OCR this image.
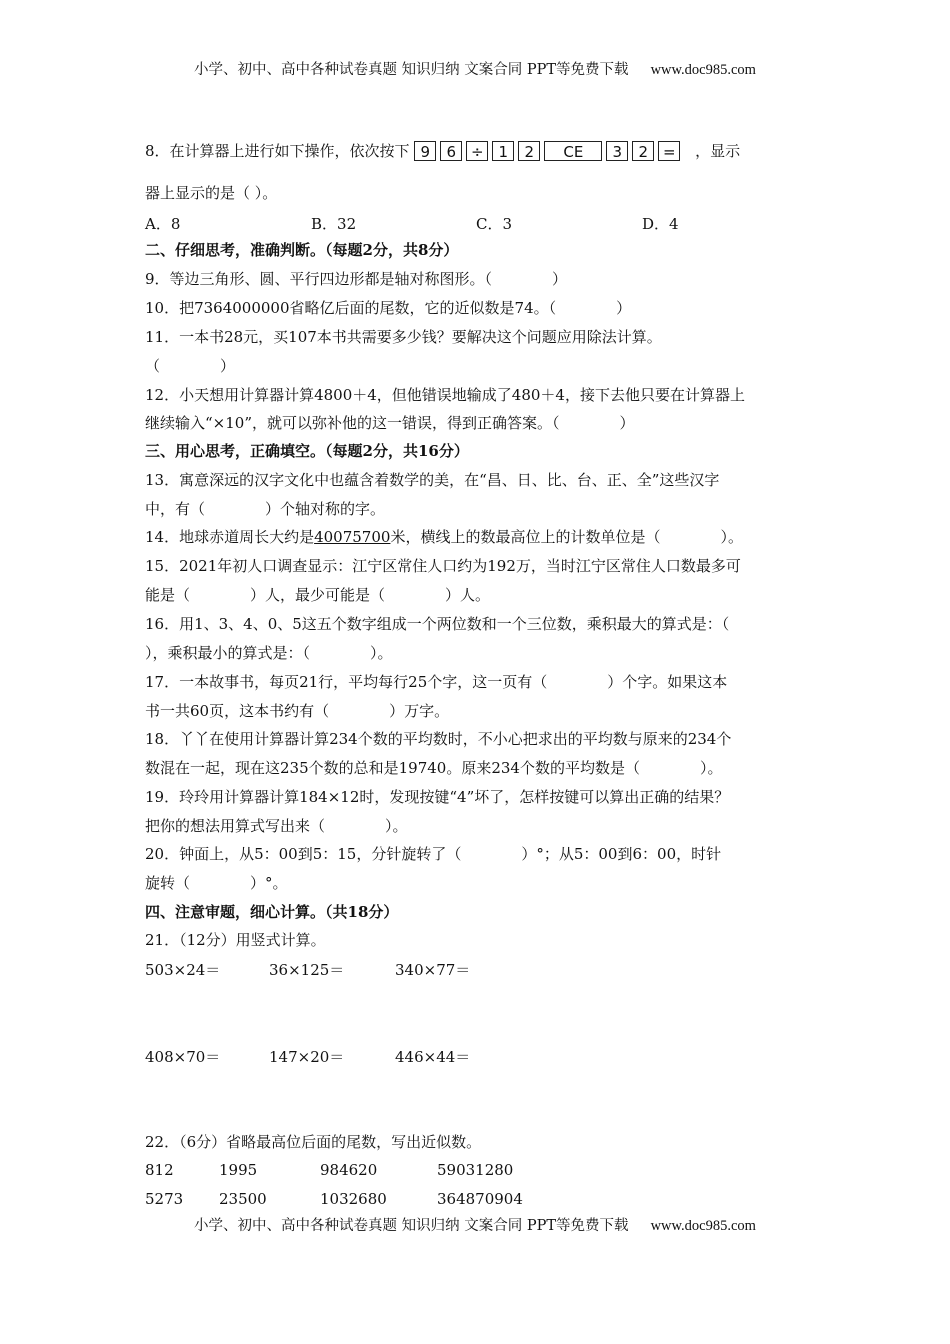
小学、初中、高中各种试卷真题 知识归纳 文案合同 PPT等免费下载 www.doc985.com
8．在计算器上进行如下操作，依次按下 9 6 ÷ 1 2 CE 3 2 = ，显示
器上显示的是（ ）。
A．8	B．32	C．3	D．4
二、仔细思考，准确判断。（每题2分，共8分）
9．等边三角形、圆、平行四边形都是轴对称图形。（　　　　）
10．把7364000000省略亿后面的尾数，它的近似数是74。（　　　　）
11．一本书28元，买107本书共需要多少钱？要解决这个问题应用除法计算。
（　　　　）
12．小天想用计算器计算4800＋4，但他错误地输成了480＋4，接下去他只要在计算器上
继续输入“×10”，就可以弥补他的这一错误，得到正确答案。（　　　　）
三、用心思考，正确填空。（每题2分，共16分）
13．寓意深远的汉字文化中也蕴含着数学的美，在“昌、日、比、台、正、全”这些汉字
中，有（　　　　）个轴对称的字。
14．地球赤道周长大约是40075700米，横线上的数最高位上的计数单位是（　　　　）。
15．2021年初人口调查显示：江宁区常住人口约为192万，当时江宁区常住人口数最多可
能是（　　　　）人，最少可能是（　　　　）人。
16．用1、3、4、0、5这五个数字组成一个两位数和一个三位数，乘积最大的算式是：（
），乘积最小的算式是：（　　　　）。
17．一本故事书，每页21行，平均每行25个字，这一页有（　　　　）个字。如果这本
书一共60页，这本书约有（　　　　）万字。
18．丫丫在使用计算器计算234个数的平均数时，不小心把求出的平均数与原来的234个
数混在一起，现在这235个数的总和是19740。原来234个数的平均数是（　　　　）。
19．玲玲用计算器计算184×12时，发现按键“4”坏了，怎样按键可以算出正确的结果？
把你的想法用算式写出来（　　　　）。
20．钟面上，从5：00到5：15，分针旋转了（　　　　）°；从5：00到6：00，时针
旋转（　　　　）°。
四、注意审题，细心计算。（共18分）
21．（12分）用竖式计算。
503×24＝	36×125＝	340×77＝
408×70＝	147×20＝	446×44＝
22．（6分）省略最高位后面的尾数，写出近似数。
812	1995	984620	59031280
5273 23500	1032680	364870904
小学、初中、高中各种试卷真题 知识归纳 文案合同 PPT等免费下载 www.doc985.com
